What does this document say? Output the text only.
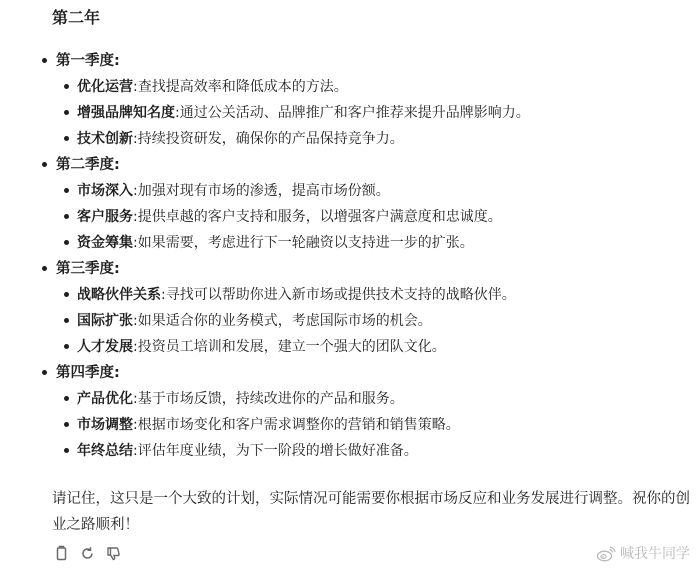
第二年
第一季度:
优化运营:查找提高效率和降低成本的方法。
增强品牌知名度:通过公关活动、品牌推广和客户推荐来提升品牌影响力。
技术创新:持续投资研发，确保你的产品保持竞争力。
第二季度:
市场深入:加强对现有市场的渗透，提高市场份额。
客户服务:提供卓越的客户支持和服务，以增强客户满意度和忠诚度。
资金筹集:如果需要，考虑进行下一轮融资以支持进一步的扩张。
第三季度:
战略伙伴关系:寻找可以帮助你进入新市场或提供技术支持的战略伙伴。
国际扩张:如果适合你的业务模式，考虑国际市场的机会。
人才发展:投资员工培训和发展，建立一个强大的团队文化。
第四季度:
产品优化:基于市场反馈，持续改进你的产品和服务。
市场调整:根据市场变化和客户需求调整你的营销和销售策略。
年终总结:评估年度业绩，为下一阶段的增长做好准备。

请记住，这只是一个大致的计划，实际情况可能需要你根据市场反应和业务发展进行调整。祝你的创业之路顺利！

喊我牛同学
